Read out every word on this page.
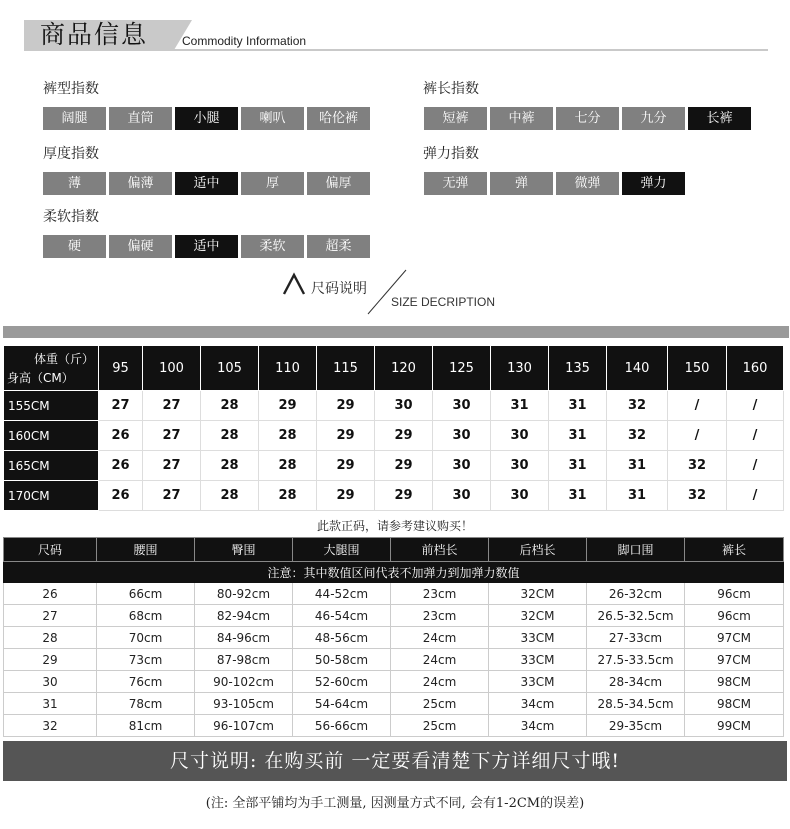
商品信息	Commodity Information
裤型指数
阔腿	直筒	小腿	喇叭	哈伦裤
裤长指数
短裤	中裤	七分	九分	长裤
厚度指数
薄	偏薄	适中	厚	偏厚
弹力指数
无弹	弹	微弹	弹力
柔软指数
硬	偏硬	适中	柔软	超柔
尺码说明
SIZE DECRIPTION
体重（斤）
身高（CM）	95	100	105	110	115	120	125	130	135	140	150	160
155CM	27	27	28	29	29	30	30	31	31	32	/	/
160CM	26	27	28	28	29	29	30	30	31	32	/	/
165CM	26	27	28	28	29	29	30	30	31	31	32	/
170CM	26	27	28	28	29	29	30	30	31	31	32	/
此款正码，请参考建议购买！
尺码	腰围	臀围	大腿围	前档长	后档长	脚口围	裤长
注意：其中数值区间代表不加弹力到加弹力数值							
26	66cm	80-92cm	44-52cm	23cm	32CM	26-32cm	96cm
27	68cm	82-94cm	46-54cm	23cm	32CM	26.5-32.5cm	96cm
28	70cm	84-96cm	48-56cm	24cm	33CM	27-33cm	97CM
29	73cm	87-98cm	50-58cm	24cm	33CM	27.5-33.5cm	97CM
30	76cm	90-102cm	52-60cm	24cm	33CM	28-34cm	98CM
31	78cm	93-105cm	54-64cm	25cm	34cm	28.5-34.5cm	98CM
32	81cm	96-107cm	56-66cm	25cm	34cm	29-35cm	99CM
尺寸说明: 在购买前 一定要看清楚下方详细尺寸哦!
(注: 全部平铺均为手工测量, 因测量方式不同, 会有1-2CM的误差)
